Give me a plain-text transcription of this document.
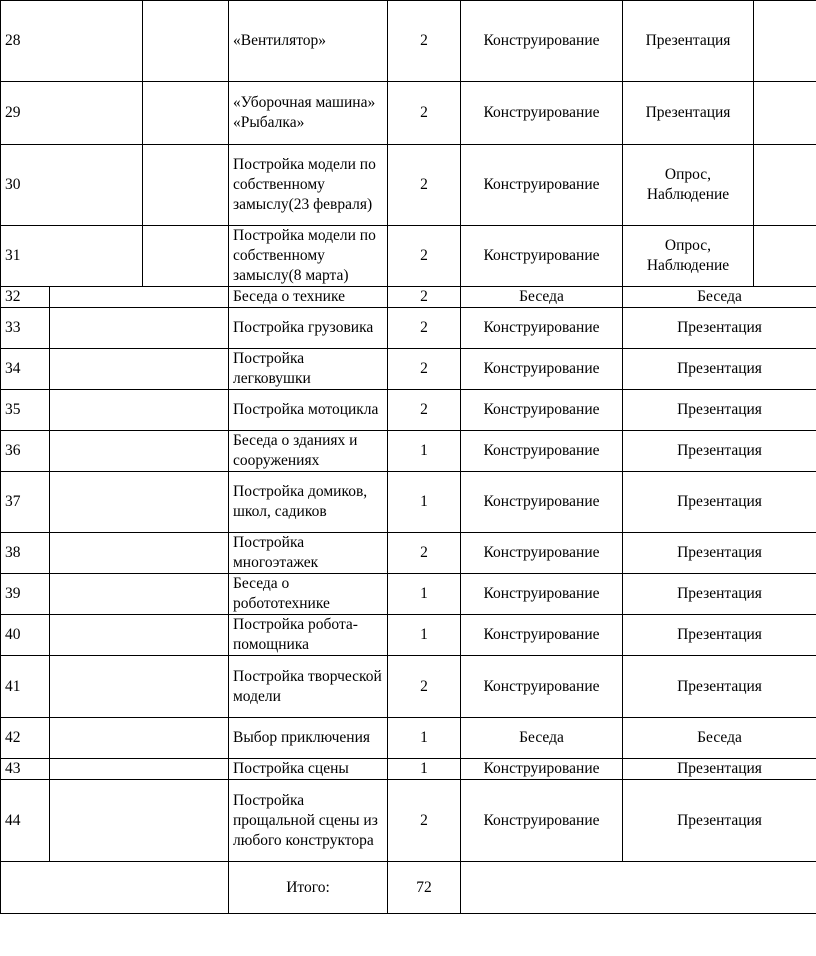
28			«Вентилятор»	2	Конструирование	Презентация	
29			«Уборочная машина» «Рыбалка»	2	Конструирование	Презентация	
30			Постройка модели по собственному замыслу(23 февраля)	2	Конструирование	Опрос, Наблюдение	
31			Постройка модели по собственному замыслу(8 марта)	2	Конструирование	Опрос, Наблюдение	
32			Беседа о технике	2	Беседа	Беседа	
33			Постройка грузовика	2	Конструирование	Презентация	
34			Постройка легковушки	2	Конструирование	Презентация	
35			Постройка мотоцикла	2	Конструирование	Презентация	
36			Беседа о зданиях и сооружениях	1	Конструирование	Презентация	
37			Постройка домиков, школ, садиков	1	Конструирование	Презентация	
38			Постройка многоэтажек	2	Конструирование	Презентация	
39			Беседа о робототехнике	1	Конструирование	Презентация	
40			Постройка робота-помощника	1	Конструирование	Презентация	
41			Постройка творческой модели	2	Конструирование	Презентация	
42			Выбор приключения	1	Беседа	Беседа	
43			Постройка сцены	1	Конструирование	Презентация	
44			Постройка прощальной сцены из любого конструктора	2	Конструирование	Презентация	
			Итого:	72			
